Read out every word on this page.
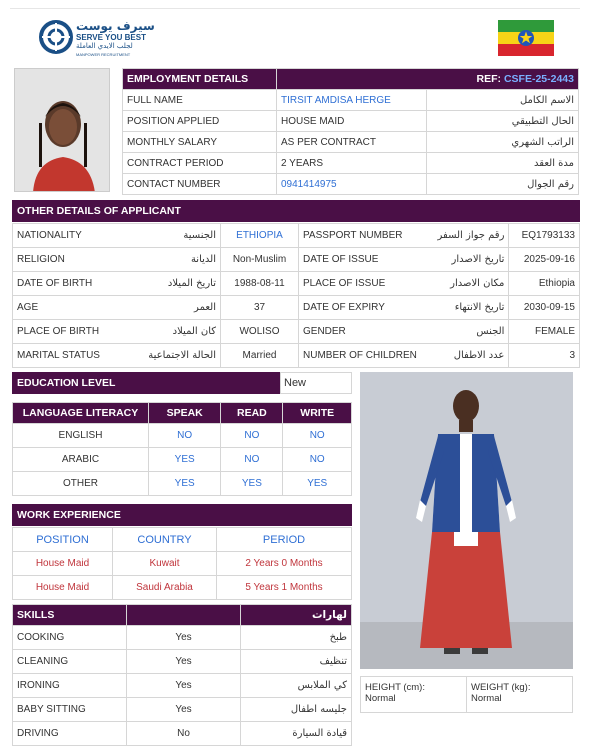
سيرف يوست
SERVE YOU BEST
لجلب الايدي العاملة
MANPOWER RECRUITMENT
EMPLOYMENT DETAILS	REF: CSFE-25-2443	
FULL NAME	TIRSIT AMDISA HERGE	الاسم الكامل
POSITION APPLIED	HOUSE MAID	الحال التطبيقي
MONTHLY SALARY	AS PER CONTRACT	الراتب الشهري
CONTRACT PERIOD	2 YEARS	مدة العقد
CONTACT NUMBER	0941414975	رقم الجوال
OTHER DETAILS OF APPLICANT
NATIONALITY	الجنسية	ETHIOPIA	PASSPORT NUMBER	رقم جواز السفر	EQ1793133
RELIGION	الديانة	Non-Muslim	DATE OF ISSUE	تاريخ الاصدار	2025-09-16
DATE OF BIRTH	تاريخ الميلاد	1988-08-11	PLACE OF ISSUE	مكان الاصدار	Ethiopia
AGE	العمر	37	DATE OF EXPIRY	تاريخ الانتهاء	2030-09-15
PLACE OF BIRTH	كان الميلاد	WOLISO	GENDER	الجنس	FEMALE
MARITAL STATUS	الحالة الاجتماعية	Married	NUMBER OF CHILDREN	عدد الاطفال	3
EDUCATION LEVEL	New
LANGUAGE LITERACY	SPEAK	READ	WRITE
ENGLISH	NO	NO	NO
ARABIC	YES	NO	NO
OTHER	YES	YES	YES
WORK EXPERIENCE
POSITION	COUNTRY	PERIOD
House Maid	Kuwait	2 Years 0 Months
House Maid	Saudi Arabia	5 Years 1 Months
SKILLS		لهارات
COOKING	Yes	طبخ
CLEANING	Yes	تنظيف
IRONING	Yes	كي الملابس
BABY SITTING	Yes	جليسه اطفال
DRIVING	No	قيادة السيارة
HEIGHT (cm):
Normal

WEIGHT (kg):
Normal
